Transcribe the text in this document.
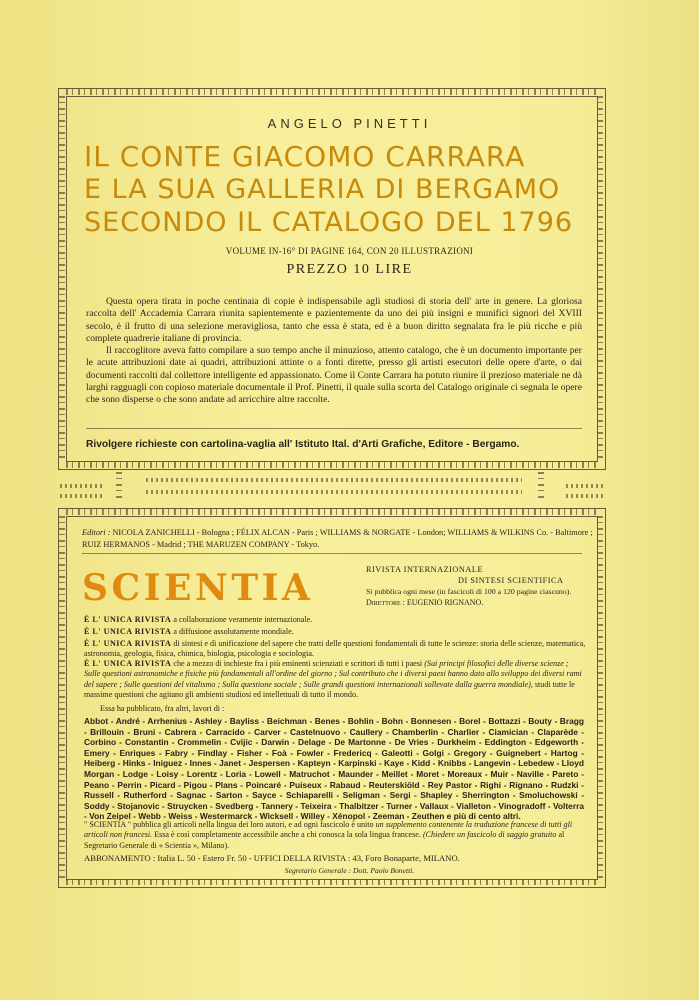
ANGELO PINETTI
IL CONTE GIACOMO CARRARA
E LA SUA GALLERIA DI BERGAMO
SECONDO IL CATALOGO DEL 1796
VOLUME IN-16° DI PAGINE 164, CON 20 ILLUSTRAZIONI
PREZZO 10 LIRE

Questa opera tirata in poche centinaia di copie è indispensabile agli studiosi di storia dell' arte in genere. La gloriosa raccolta dell' Accademia Carrara riunita sapientemente e pazientemente da uno dei più insigni e munifici signori del XVIII secolo, è il frutto di una selezione meravigliosa, tanto che essa è stata, ed è a buon diritto segnalata fra le più ricche e più complete quadrerie italiane di provincia.

Il raccoglitore aveva fatto compilare a suo tempo anche il minuzioso, attento catalogo, che è un documento importante per le acute attribuzioni date ai quadri, attribuzioni attinte o a fonti dirette, presso gli artisti esecutori delle opere d'arte, o dai documenti raccolti dal collettore intelligente ed appassionato. Come il Conte Carrara ha potuto riunire il prezioso materiale ne dà larghi ragguagli con copioso materiale documentale il Prof. Pinetti, il quale sulla scorta del Catalogo originale ci segnala le opere che sono disperse o che sono andate ad arricchire altre raccolte.

Rivolgere richieste con cartolina-vaglia all' Istituto Ital. d'Arti Grafiche, Editore - Bergamo.
Editori : NICOLA ZANICHELLI - Bologna ; FÉLIX ALCAN - Paris ; WILLIAMS & NORGATE - London; WILLIAMS & WILKINS Co. - Baltimore ; RUIZ HERMANOS - Madrid ; THE MARUZEN COMPANY - Tokyo.
SCIENTIA	RIVISTA INTERNAZIONALE
DI SINTESI SCIENTIFICA
Si pubblica ogni mese (in fascicoli di 100 a 120 pagine ciascuno).
Direttore : EUGENIO RIGNANO.
È L' UNICA RIVISTA a collaborazione veramente internazionale.
È L' UNICA RIVISTA a diffusione assolutamente mondiale.
È L' UNICA RIVISTA di sintesi e di unificazione del sapere che tratti delle questioni fondamentali di tutte le scienze: storia delle scienze, matematica, astronomia, geologia, fisica, chimica, biologia, psicologia e sociologia.
È L' UNICA RIVISTA che a mezzo di inchieste fra i più eminenti scienziati e scrittori di tutti i paesi (Sui principi filosofici delle diverse scienze ; Sulle questioni astronomiche e fisiche più fondamentali all'ordine del giorno ; Sul contributo che i diversi paesi hanno dato allo sviluppo dei diversi rami del sapere ; Sulle questioni del vitalismo ; Sulla questione sociale ; Sulle grandi questioni internazionali sollevate dalla guerra mondiale), studi tutte le massime questioni che agitano gli ambienti studiosi ed intellettuali di tutto il mondo.
Essa ha pubblicato, fra altri, lavori di :
Abbot - André - Arrhenius - Ashley - Bayliss - Beichman - Benes - Bohlin - Bohn - Bonnesen - Borel - Bottazzi - Bouty - Bragg - Brillouin - Bruni - Cabrera - Carracido - Carver - Castelnuovo - Caullery - Chamberlin - Charlier - Ciamician - Claparède - Corbino - Constantin - Crommelin - Cvijic - Darwin - Delage - De Martonne - De Vries - Durkheim - Eddington - Edgeworth - Emery - Enriques - Fabry - Findlay - Fisher - Foà - Fowler - Fredericq - Galeotti - Golgi - Gregory - Guignebert - Hartog - Heiberg - Hinks - Iniguez - Innes - Janet - Jespersen - Kapteyn - Karpinski - Kaye - Kidd - Knibbs - Langevin - Lebedew - Lloyd Morgan - Lodge - Loisy - Lorentz - Loria - Lowell - Matruchot - Maunder - Meillet - Moret - Moreaux - Muir - Naville - Pareto - Peano - Perrin - Picard - Pigou - Plans - Poincaré - Puiseux - Rabaud - Reuterskiöld - Rey Pastor - Righi - Rignano - Rudzki - Russell - Rutherford - Sagnac - Sarton - Sayce - Schiaparelli - Seligman - Sergi - Shapley - Sherrington - Smoluchowski - Soddy - Stojanovic - Struycken - Svedberg - Tannery - Teixeira - Thalbitzer - Turner - Vallaux - Vialleton - Vinogradoff - Volterra - Von Zeipel - Webb - Weiss - Westermarck - Wicksell - Willey - Xénopol - Zeeman - Zeuthen e più di cento altri.
" SCIENTIA " pubblica gli articoli nella lingua dei loro autori, e ad ogni fascicolo è unito un supplemento contenente la traduzione francese di tutti gli articoli non francesi. Essa è così completamente accessibile anche a chi conosca la sola lingua francese. (Chiedere un fascicolo di saggio gratuito al Segretario Generale di « Scientia », Milano).
ABBONAMENTO : Italia L. 50 - Estero Fr. 50 - UFFICI DELLA RIVISTA : 43, Foro Bonaparte, MILANO.
Segretario Generale : Dott. Paolo Bonetti.
